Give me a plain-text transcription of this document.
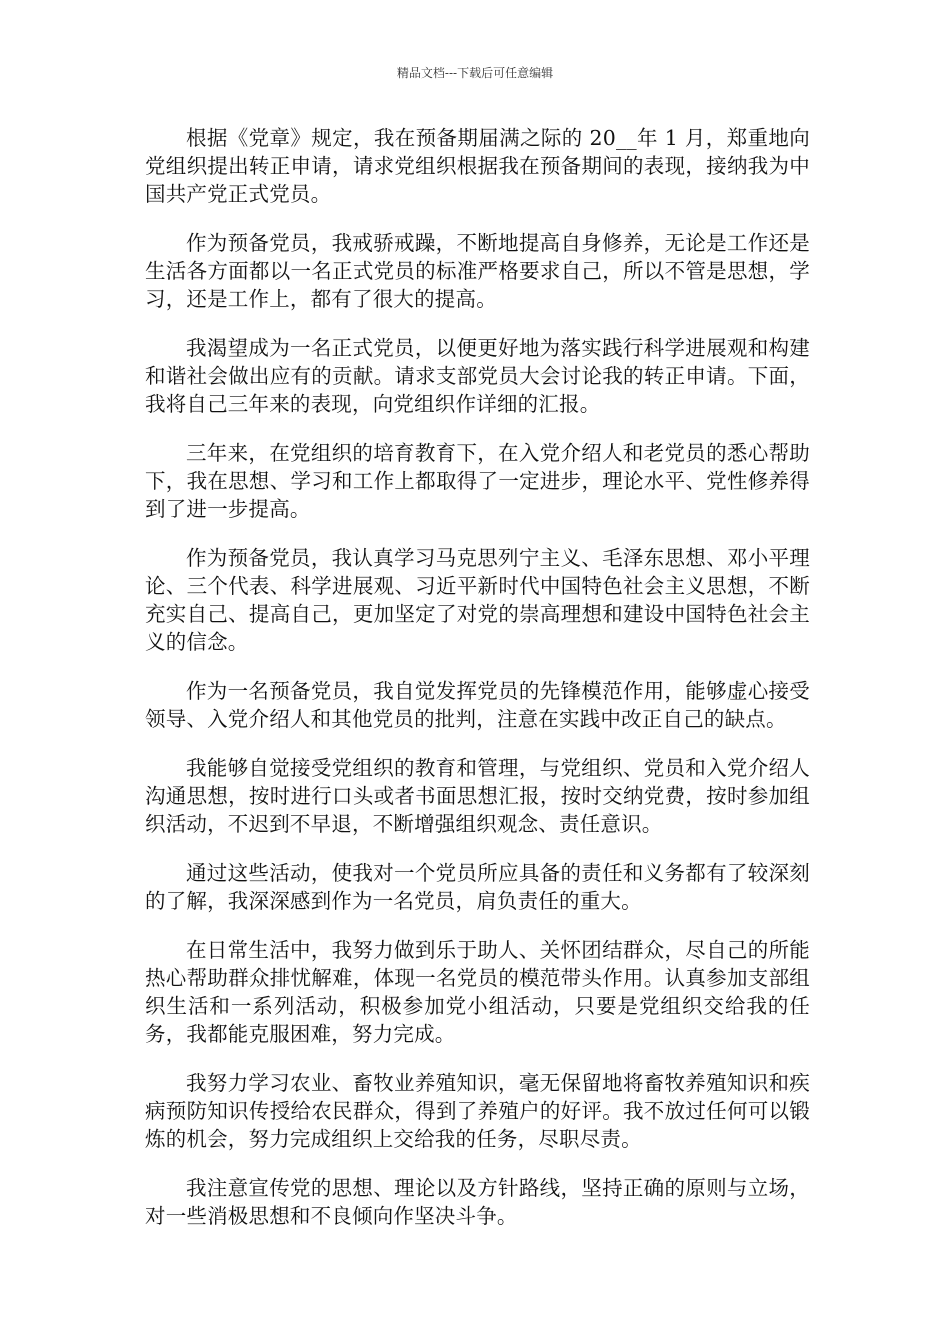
精品文档---下载后可任意编辑

根据《党章》规定，我在预备期届满之际的 20__年 1 月，郑重地向党组织提出转正申请，请求党组织根据我在预备期间的表现，接纳我为中国共产党正式党员。

作为预备党员，我戒骄戒躁，不断地提高自身修养，无论是工作还是生活各方面都以一名正式党员的标准严格要求自己，所以不管是思想，学习，还是工作上，都有了很大的提高。

我渴望成为一名正式党员，以便更好地为落实践行科学进展观和构建和谐社会做出应有的贡献。请求支部党员大会讨论我的转正申请。下面，我将自己三年来的表现，向党组织作详细的汇报。

三年来，在党组织的培育教育下，在入党介绍人和老党员的悉心帮助下，我在思想、学习和工作上都取得了一定进步，理论水平、党性修养得到了进一步提高。

作为预备党员，我认真学习马克思列宁主义、毛泽东思想、邓小平理论、三个代表、科学进展观、习近平新时代中国特色社会主义思想，不断充实自己、提高自己，更加坚定了对党的崇高理想和建设中国特色社会主义的信念。

作为一名预备党员，我自觉发挥党员的先锋模范作用，能够虚心接受领导、入党介绍人和其他党员的批判，注意在实践中改正自己的缺点。

我能够自觉接受党组织的教育和管理，与党组织、党员和入党介绍人沟通思想，按时进行口头或者书面思想汇报，按时交纳党费，按时参加组织活动，不迟到不早退，不断增强组织观念、责任意识。

通过这些活动，使我对一个党员所应具备的责任和义务都有了较深刻的了解，我深深感到作为一名党员，肩负责任的重大。

在日常生活中，我努力做到乐于助人、关怀团结群众，尽自己的所能热心帮助群众排忧解难，体现一名党员的模范带头作用。认真参加支部组织生活和一系列活动，积极参加党小组活动，只要是党组织交给我的任务，我都能克服困难，努力完成。

我努力学习农业、畜牧业养殖知识，毫无保留地将畜牧养殖知识和疾病预防知识传授给农民群众，得到了养殖户的好评。我不放过任何可以锻炼的机会，努力完成组织上交给我的任务，尽职尽责。

我注意宣传党的思想、理论以及方针路线，坚持正确的原则与立场，对一些消极思想和不良倾向作坚决斗争。
